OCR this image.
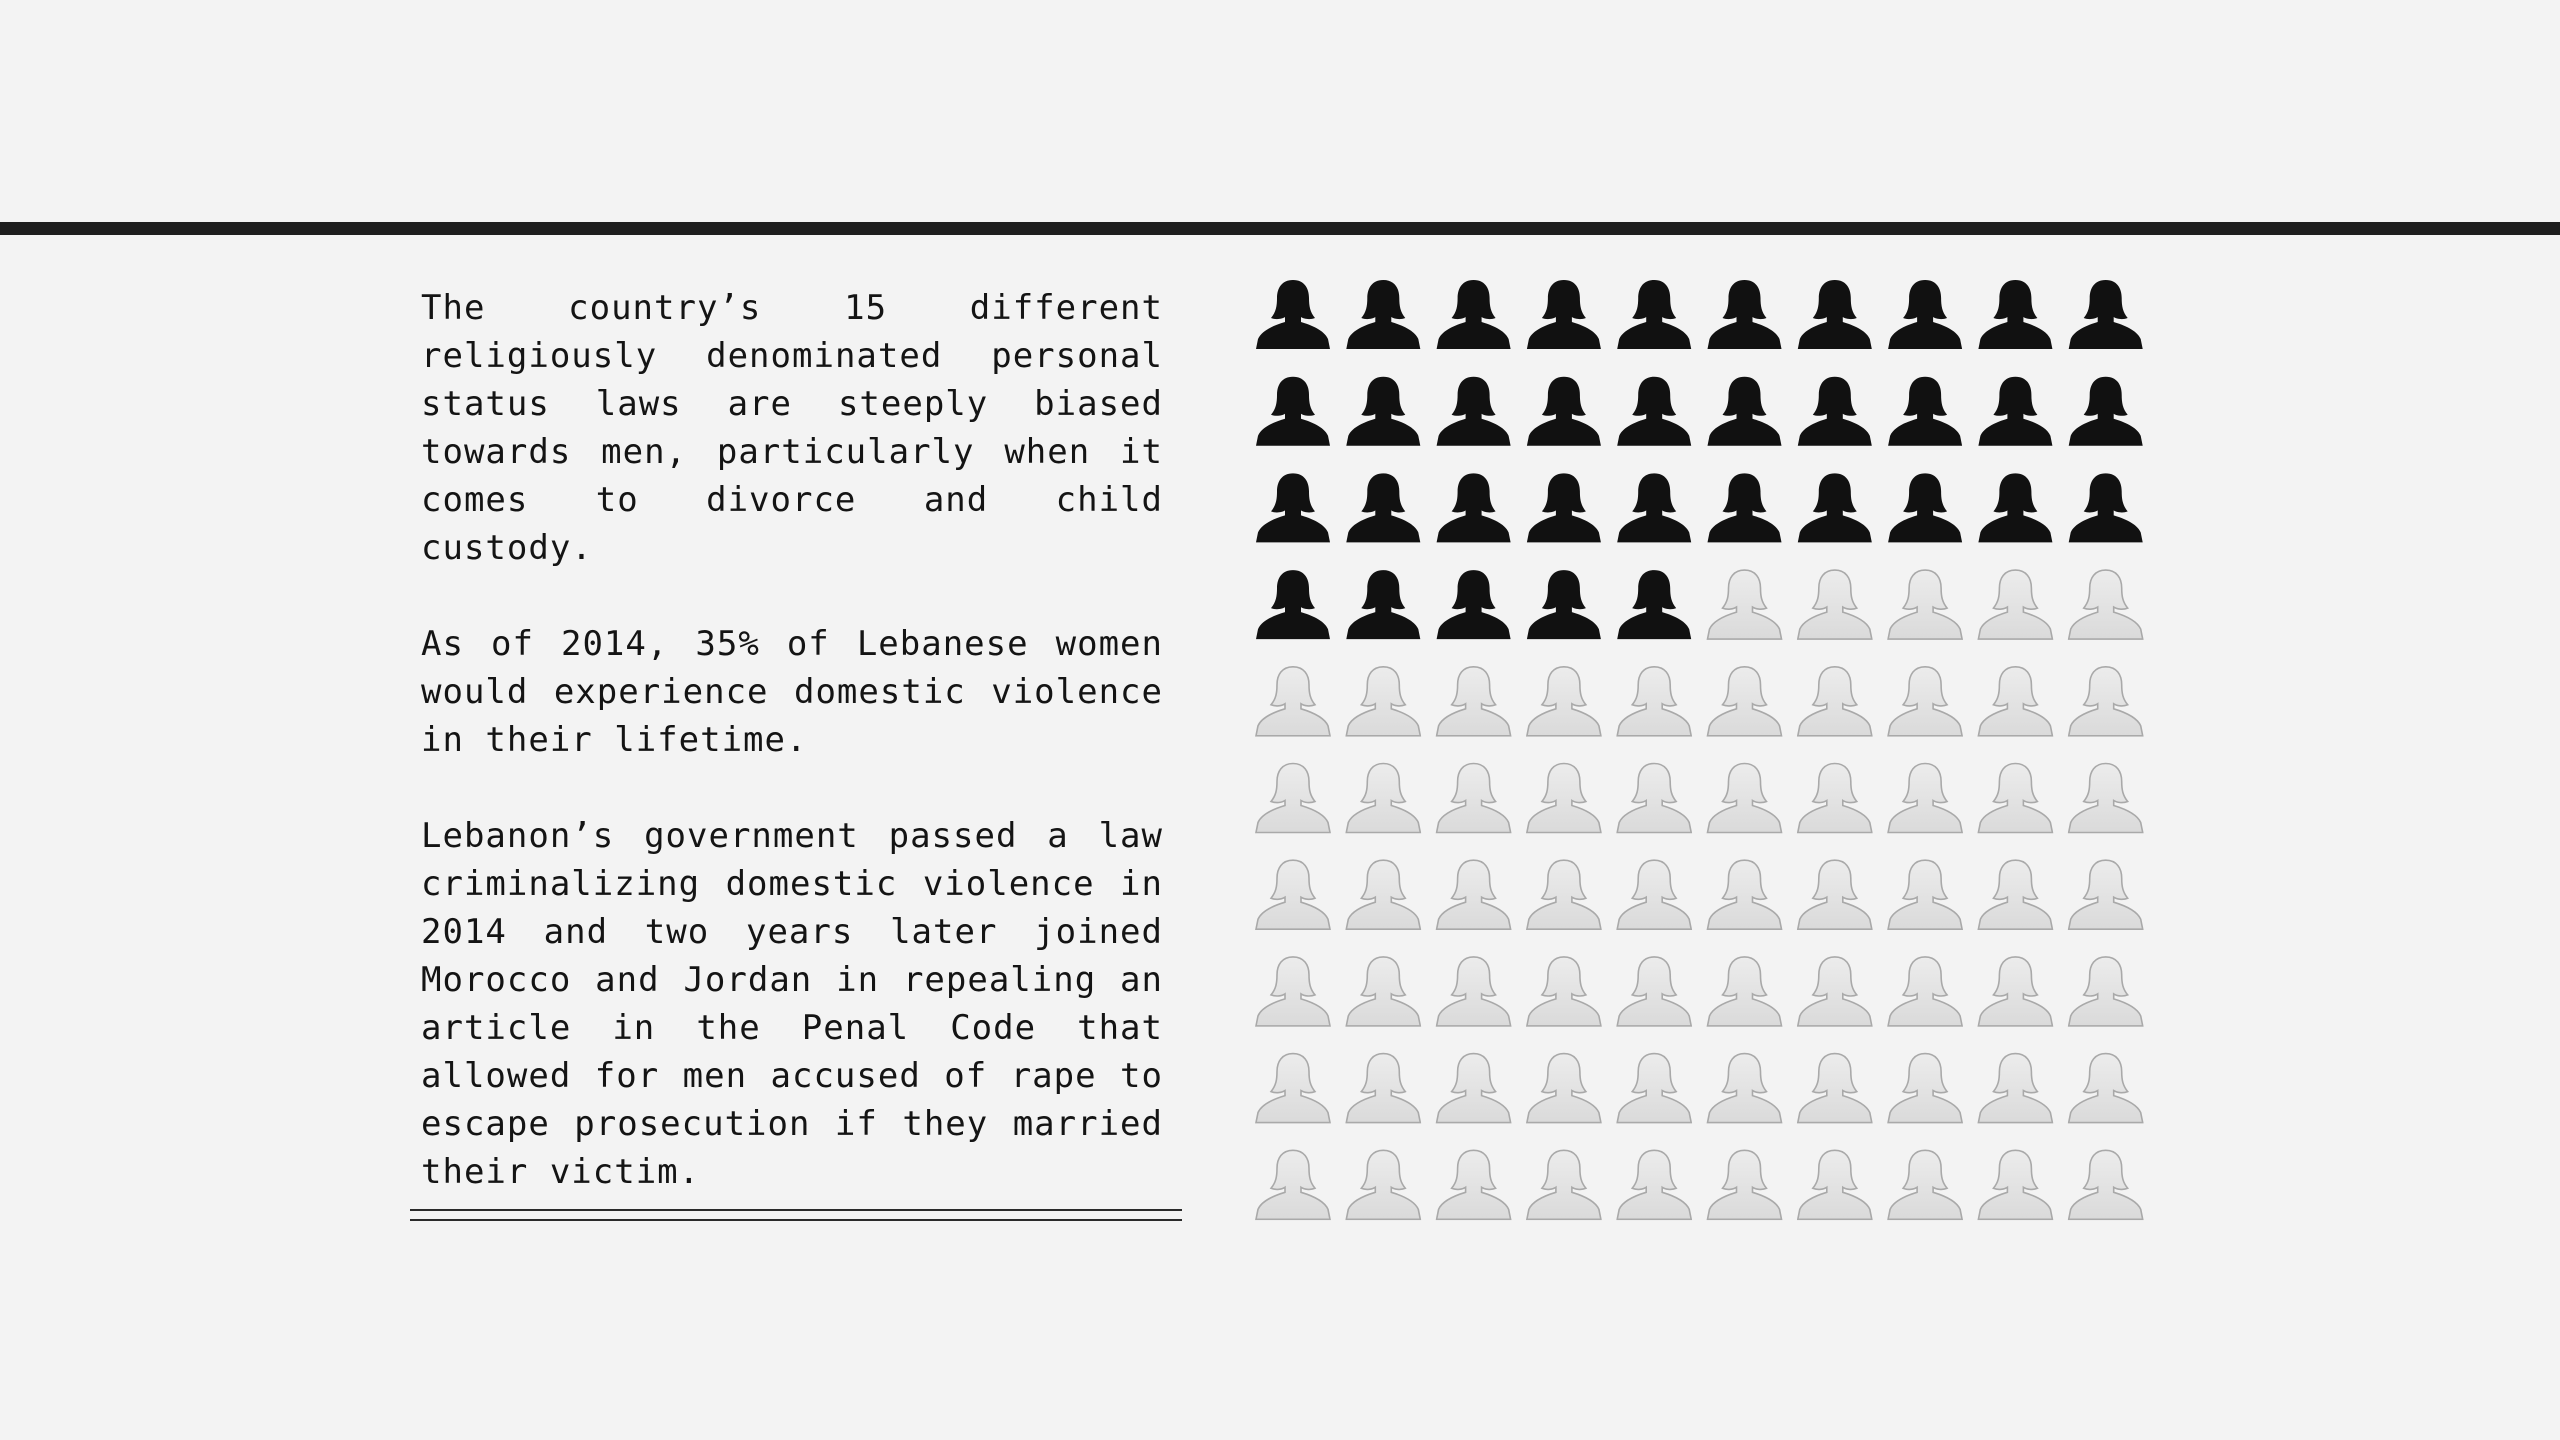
The country’s 15 different religiously denominated personal status laws are steeply biased towards men, particularly when it comes to divorce and child custody.

As of 2014, 35% of Lebanese women would experience domestic violence in their lifetime.

Lebanon’s government passed a law criminalizing domestic violence in 2014 and two years later joined Morocco and Jordan in repealing an article in the Penal Code that allowed for men accused of rape to escape prosecution if they married their victim.
